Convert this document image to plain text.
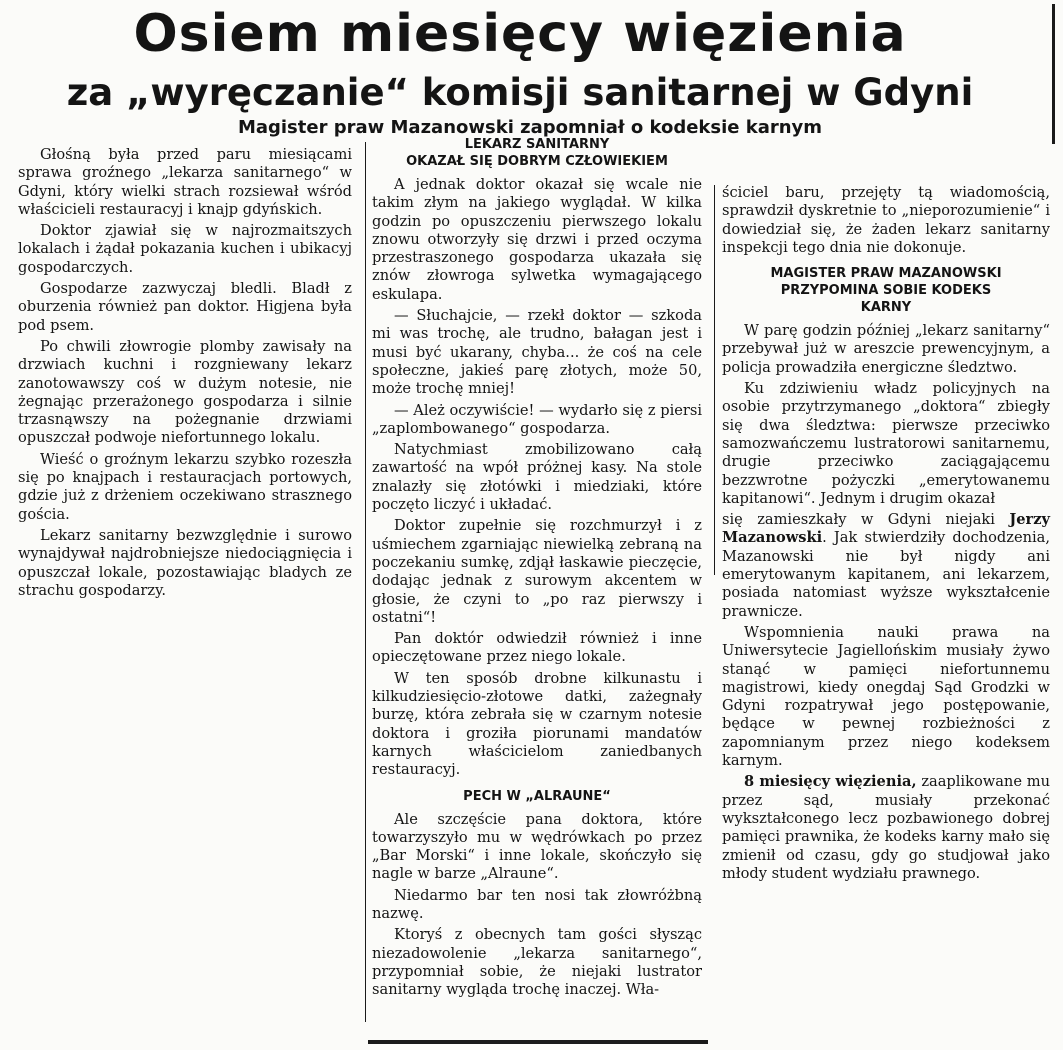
Osiem miesięcy więzienia
za „wyręczanie“ komisji sanitarnej w Gdyni
Magister praw Mazanowski zapomniał o kodeksie karnym

Głośną była przed paru miesiącami sprawa groźnego „lekarza sanitarnego“ w Gdyni, który wielki strach rozsiewał wśród właścicieli restauracyj i knajp gdyńskich.

Doktor zjawiał się w najrozmaitszych lokalach i żądał pokazania kuchen i ubikacyj gospodarczych.

Gospodarze zazwyczaj bledli. Bladł z oburzenia również pan doktor. Higjena była pod psem.

Po chwili złowrogie plomby zawisały na drzwiach kuchni i rozgniewany lekarz zanotowawszy coś w dużym notesie, nie żegnając przerażonego gospodarza i silnie trzasnąwszy na pożegnanie drzwiami opuszczał podwoje niefortunnego lokalu.

Wieść o groźnym lekarzu szybko rozeszła się po knajpach i restauracjach portowych, gdzie już z drżeniem oczekiwano strasznego gościa.

Lekarz sanitarny bezwzględnie i surowo wynajdywał najdrobniejsze niedociągnięcia i opuszczał lokale, pozostawiając bladych ze strachu gospodarzy.

LEKARZ SANITARNY
OKAZAŁ SIĘ DOBRYM CZŁOWIEKIEM

A jednak doktor okazał się wcale nie takim złym na jakiego wyglądał. W kilka godzin po opuszczeniu pierwszego lokalu znowu otworzyły się drzwi i przed oczyma przestraszonego gospodarza ukazała się znów złowroga sylwetka wymagającego eskulapa.

— Słuchajcie, — rzekł doktor — szkoda mi was trochę, ale trudno, bałagan jest i musi być ukarany, chyba... że coś na cele społeczne, jakieś parę złotych, może 50, może trochę mniej!

— Ależ oczywiście! — wydarło się z piersi „zaplombowanego“ gospodarza.

Natychmiast zmobilizowano całą zawartość na wpół próżnej kasy. Na stole znalazły się złotówki i miedziaki, które poczęto liczyć i układać.

Doktor zupełnie się rozchmurzył i z uśmiechem zgarniając niewielką zebraną na poczekaniu sumkę, zdjął łaskawie pieczęcie, dodając jednak z surowym akcentem w głosie, że czyni to „po raz pierwszy i ostatni“!

Pan doktór odwiedził również i inne opieczętowane przez niego lokale.

W ten sposób drobne kilkunastu i kilkudziesięcio-złotowe datki, zażegnały burzę, która zebrała się w czarnym notesie doktora i groziła piorunami mandatów karnych właścicielom zaniedbanych restauracyj.

PECH W „ALRAUNE“

Ale szczęście pana doktora, które towarzyszyło mu w wędrówkach po przez „Bar Morski“ i inne lokale, skończyło się nagle w barze „Alraune“.

Niedarmo bar ten nosi tak złowróżbną nazwę.

Ktoryś z obecnych tam gości słysząc niezadowolenie „lekarza sanitarnego“, przypomniał sobie, że niejaki lustrator sanitarny wygląda trochę inaczej. Wła-

ściciel baru, przejęty tą wiadomością, sprawdził dyskretnie to „nieporozumienie“ i dowiedział się, że żaden lekarz sanitarny inspekcji tego dnia nie dokonuje.

MAGISTER PRAW MAZANOWSKI
PRZYPOMINA SOBIE KODEKS
KARNY

W parę godzin później „lekarz sanitarny“ przebywał już w areszcie prewencyjnym, a policja prowadziła energiczne śledztwo.

Ku zdziwieniu władz policyjnych na osobie przytrzymanego „doktora“ zbiegły się dwa śledztwa: pierwsze przeciwko samozwańczemu lustratorowi sanitarnemu, drugie przeciwko zaciągającemu bezzwrotne pożyczki „emerytowanemu kapitanowi“. Jednym i drugim okazał

się zamieszkały w Gdyni niejaki Jerzy Mazanowski. Jak stwierdziły dochodzenia, Mazanowski nie był nigdy ani emerytowanym kapitanem, ani lekarzem, posiada natomiast wyższe wykształcenie prawnicze.

Wspomnienia nauki prawa na Uniwersytecie Jagiellońskim musiały żywo stanąć w pamięci niefortunnemu magistrowi, kiedy onegdaj Sąd Grodzki w Gdyni rozpatrywał jego postępowanie, będące w pewnej rozbieżności z zapomnianym przez niego kodeksem karnym.

8 miesięcy więzienia, zaaplikowane mu przez sąd, musiały przekonać wykształconego lecz pozbawionego dobrej pamięci prawnika, że kodeks karny mało się zmienił od czasu, gdy go studjował jako młody student wydziału prawnego.
